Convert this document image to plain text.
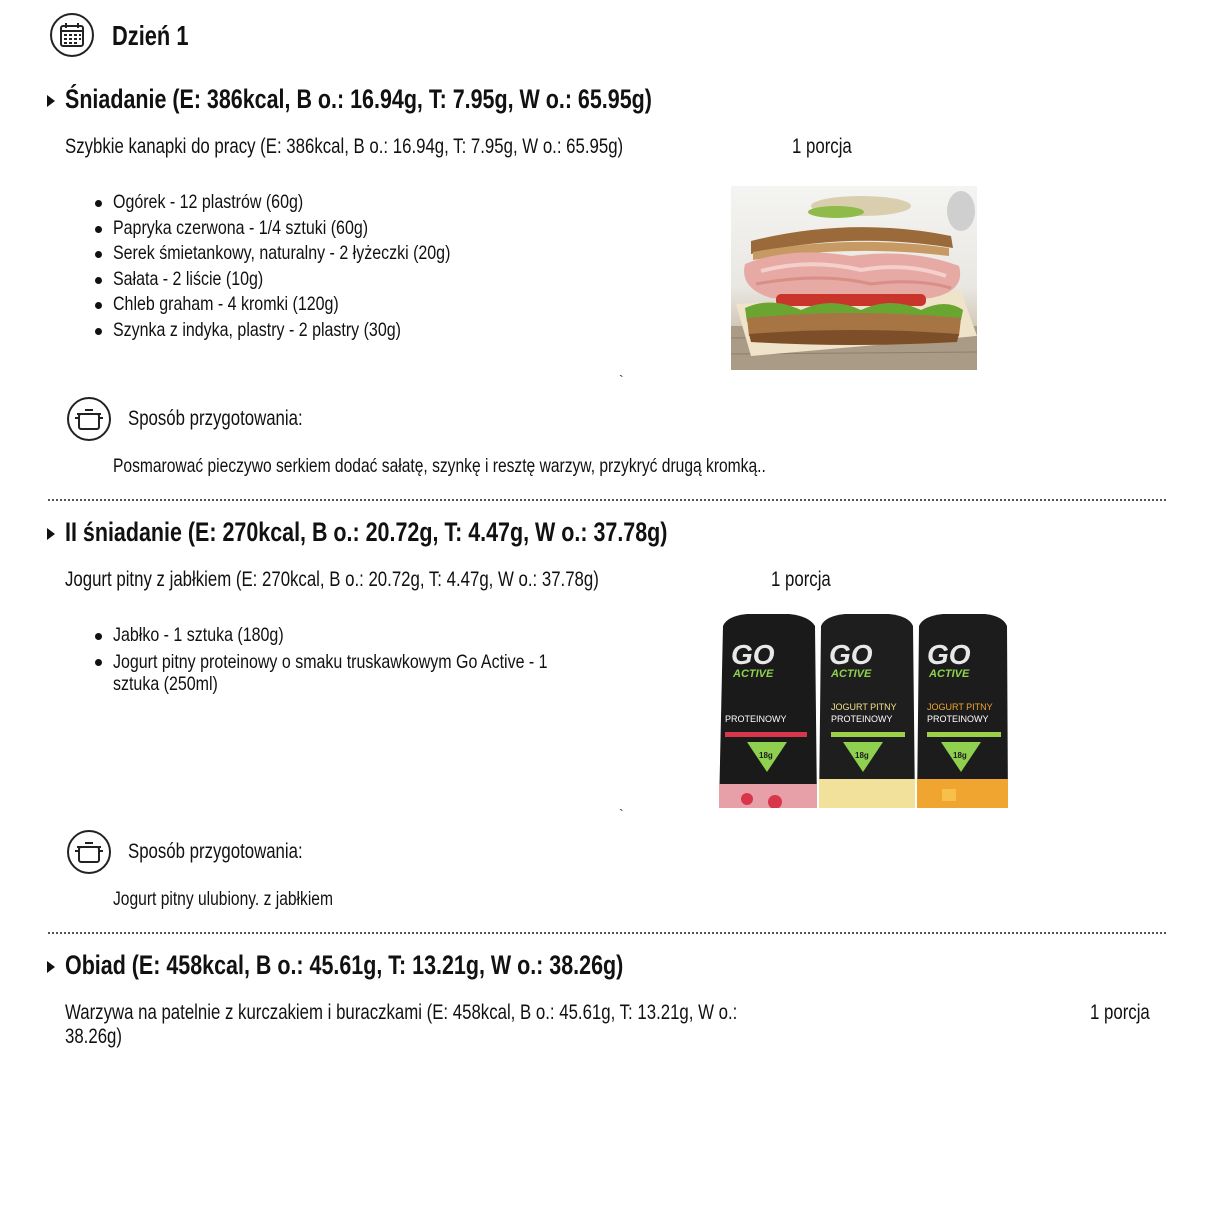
Dzień 1
Śniadanie (E: 386kcal, B o.: 16.94g, T: 7.95g, W o.: 65.95g)
Szybkie kanapki do pracy (E: 386kcal, B o.: 16.94g, T: 7.95g, W o.: 65.95g)	1 porcja
Ogórek - 12 plastrów (60g)
Papryka czerwona - 1/4 sztuki (60g)
Serek śmietankowy, naturalny - 2 łyżeczki (20g)
Sałata - 2 liście (10g)
Chleb graham - 4 kromki (120g)
Szynka z indyka, plastry - 2 plastry (30g)
`
Sposób przygotowania:
Posmarować pieczywo serkiem dodać sałatę, szynkę i resztę warzyw, przykryć drugą kromką..
II śniadanie (E: 270kcal, B o.: 20.72g, T: 4.47g, W o.: 37.78g)
Jogurt pitny z jabłkiem (E: 270kcal, B o.: 20.72g, T: 4.47g, W o.: 37.78g)	1 porcja
Jabłko - 1 sztuka (180g)
Jogurt pitny proteinowy o smaku truskawkowym Go Active - 1 sztuka (250ml)
GO GO GO
ACTIVE	ACTIVE	ACTIVE
PROTEINOWY
JOGURT PITNY
PROTEINOWY
JOGURT PITNY
PROTEINOWY
18g	18g	18g
`
Sposób przygotowania:
Jogurt pitny ulubiony. z jabłkiem
Obiad (E: 458kcal, B o.: 45.61g, T: 13.21g, W o.: 38.26g)
Warzywa na patelnie z kurczakiem i buraczkami (E: 458kcal, B o.: 45.61g, T: 13.21g, W o.:
38.26g)
1 porcja
